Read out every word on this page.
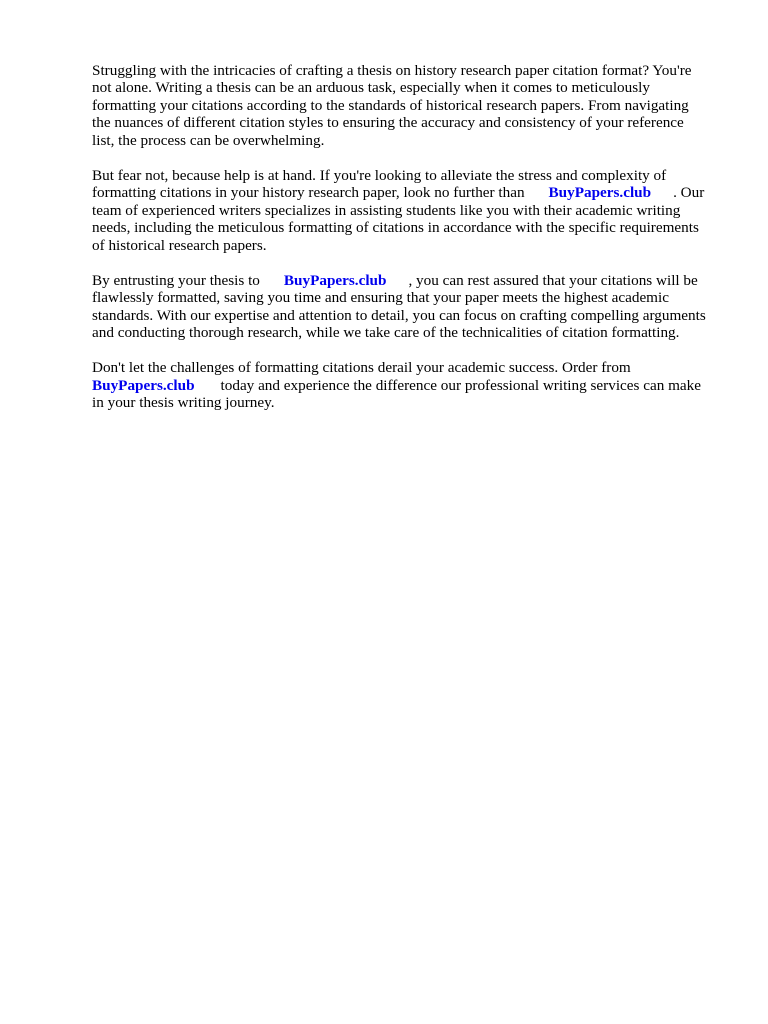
Struggling with the intricacies of crafting a thesis on history research paper citation format? You're
not alone. Writing a thesis can be an arduous task, especially when it comes to meticulously
formatting your citations according to the standards of historical research papers. From navigating
the nuances of different citation styles to ensuring the accuracy and consistency of your reference
list, the process can be overwhelming.

But fear not, because help is at hand. If you're looking to alleviate the stress and complexity of
formatting citations in your history research paper, look no further than BuyPapers.club . Our
team of experienced writers specializes in assisting students like you with their academic writing
needs, including the meticulous formatting of citations in accordance with the specific requirements
of historical research papers.

By entrusting your thesis to BuyPapers.club , you can rest assured that your citations will be
flawlessly formatted, saving you time and ensuring that your paper meets the highest academic
standards. With our expertise and attention to detail, you can focus on crafting compelling arguments
and conducting thorough research, while we take care of the technicalities of citation formatting.

Don't let the challenges of formatting citations derail your academic success. Order from
BuyPapers.club today and experience the difference our professional writing services can make
in your thesis writing journey.
